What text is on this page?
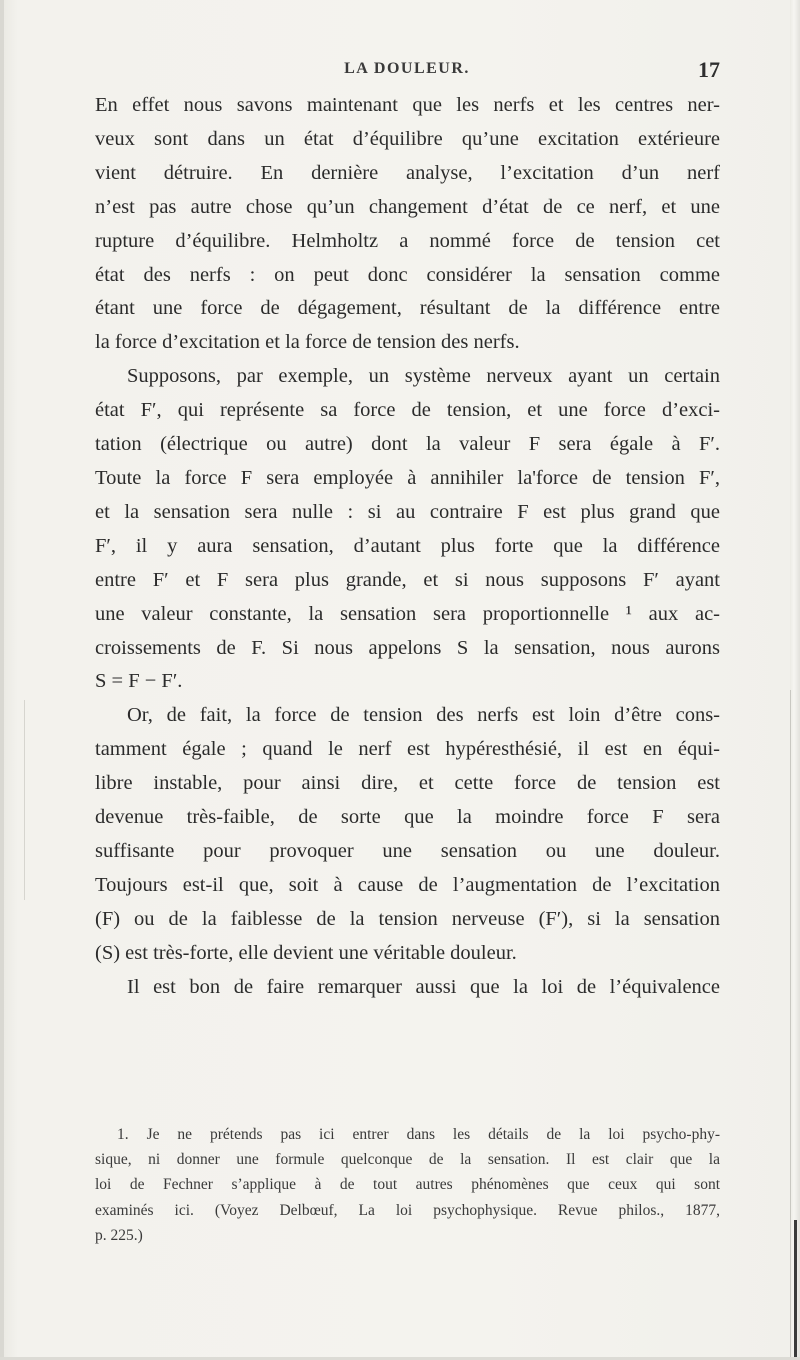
LA DOULEUR.	17
En effet nous savons maintenant que les nerfs et les centres ner-
veux sont dans un état d’équilibre qu’une excitation extérieure
vient détruire. En dernière analyse, l’excitation d’un nerf
n’est pas autre chose qu’un changement d’état de ce nerf, et une
rupture d’équilibre. Helmholtz a nommé force de tension cet
état des nerfs : on peut donc considérer la sensation comme
étant une force de dégagement, résultant de la différence entre
la force d’excitation et la force de tension des nerfs.
Supposons, par exemple, un système nerveux ayant un certain
état F′, qui représente sa force de tension, et une force d’exci-
tation (électrique ou autre) dont la valeur F sera égale à F′.
Toute la force F sera employée à annihiler la'force de tension F′,
et la sensation sera nulle : si au contraire F est plus grand que
F′, il y aura sensation, d’autant plus forte que la différence
entre F′ et F sera plus grande, et si nous supposons F′ ayant
une valeur constante, la sensation sera proportionnelle ¹ aux ac-
croissements de F. Si nous appelons S la sensation, nous aurons
S = F − F′.
Or, de fait, la force de tension des nerfs est loin d’être cons-
tamment égale ; quand le nerf est hypéresthésié, il est en équi-
libre instable, pour ainsi dire, et cette force de tension est
devenue très-faible, de sorte que la moindre force F sera
suffisante pour provoquer une sensation ou une douleur.
Toujours est-il que, soit à cause de l’augmentation de l’excitation
(F) ou de la faiblesse de la tension nerveuse (F′), si la sensation
(S) est très-forte, elle devient une véritable douleur.
Il est bon de faire remarquer aussi que la loi de l’équivalence
1. Je ne prétends pas ici entrer dans les détails de la loi psycho-phy-
sique, ni donner une formule quelconque de la sensation. Il est clair que la
loi de Fechner s’applique à de tout autres phénomènes que ceux qui sont
examinés ici. (Voyez Delbœuf, La loi psychophysique. Revue philos., 1877,
p. 225.)
